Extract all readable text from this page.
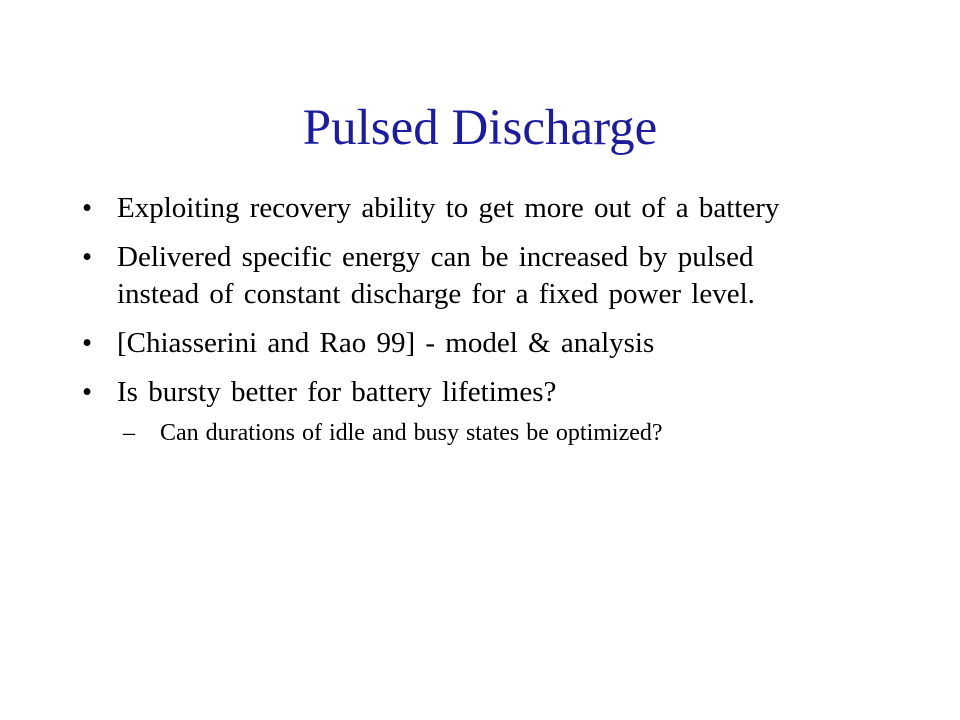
Pulsed Discharge
• Exploiting recovery ability to get more out of a battery
• Delivered specific energy can be increased by pulsed instead of constant discharge for a fixed power level.
• [Chiasserini and Rao 99] - model & analysis
• Is bursty better for battery lifetimes?
– Can durations of idle and busy states be optimized?
